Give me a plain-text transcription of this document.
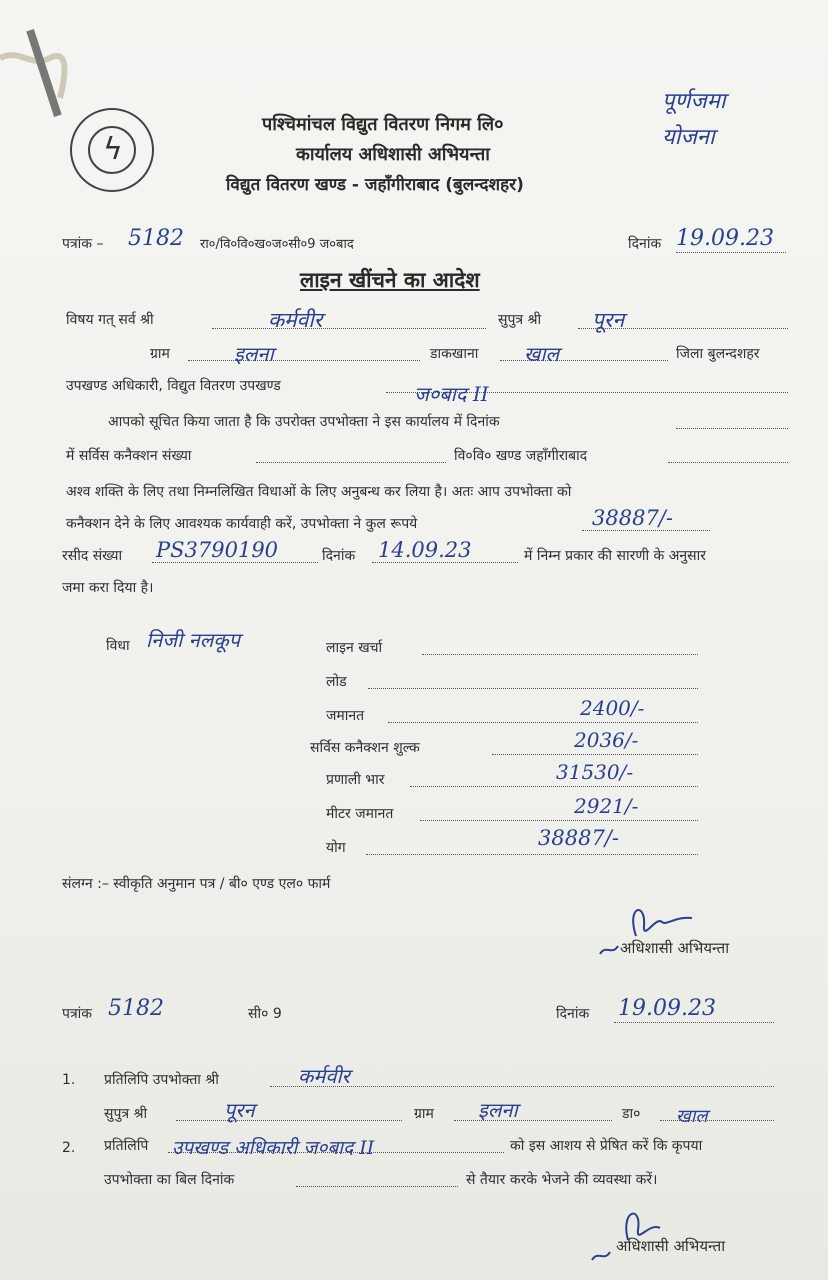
ϟ
पश्चिमांचल विद्युत वितरण निगम लि०
कार्यालय अधिशासी अभियन्ता
विद्युत वितरण खण्ड - जहाँगीराबाद (बुलन्दशहर)
पूर्णजमा योजना
पत्रांक – 5182 रा०/वि०वि०ख०ज०सी०9 ज०बाद	दिनांक 19.09.23
लाइन खींचने का आदेश
विषय गत् सर्व श्री	कर्मवीर	सुपुत्र श्री पूरन
ग्राम	इलना	डाकखाना खाल	जिला बुलन्दशहर
उपखण्ड अधिकारी, विद्युत वितरण उपखण्ड	ज०बाद II
आपको सूचित किया जाता है कि उपरोक्त उपभोक्ता ने इस कार्यालय में दिनांक
में सर्विस कनैक्शन संख्या	वि०वि० खण्ड जहाँगीराबाद
अश्व शक्ति के लिए तथा निम्नलिखित विधाओं के लिए अनुबन्ध कर लिया है। अतः आप उपभोक्ता को
कनैक्शन देने के लिए आवश्यक कार्यवाही करें, उपभोक्ता ने कुल रूपये	38887/-
रसीद संख्या PS3790190	दिनांक 14.09.23	में निम्न प्रकार की सारणी के अनुसार
जमा करा दिया है।
विधा निजी नलकूप	लाइन खर्चा
लोड
जमानत	2400/-
सर्विस कनैक्शन शुल्क	2036/-
प्रणाली भार	31530/-
मीटर जमानत	2921/-
योग	38887/-
संलग्न :– स्वीकृति अनुमान पत्र / बी० एण्ड एल० फार्म
अधिशासी अभियन्ता
पत्रांक 5182	सी० 9	दिनांक 19.09.23
1. प्रतिलिपि उपभोक्ता श्री	कर्मवीर
सुपुत्र श्री	पूरन	ग्राम इलना	डा० खाल
2. प्रतिलिपि उपखण्ड अधिकारी ज०बाद II	को इस आशय से प्रेषित करें कि कृपया
उपभोक्ता का बिल दिनांक	से तैयार करके भेजने की व्यवस्था करें।
अधिशासी अभियन्ता
